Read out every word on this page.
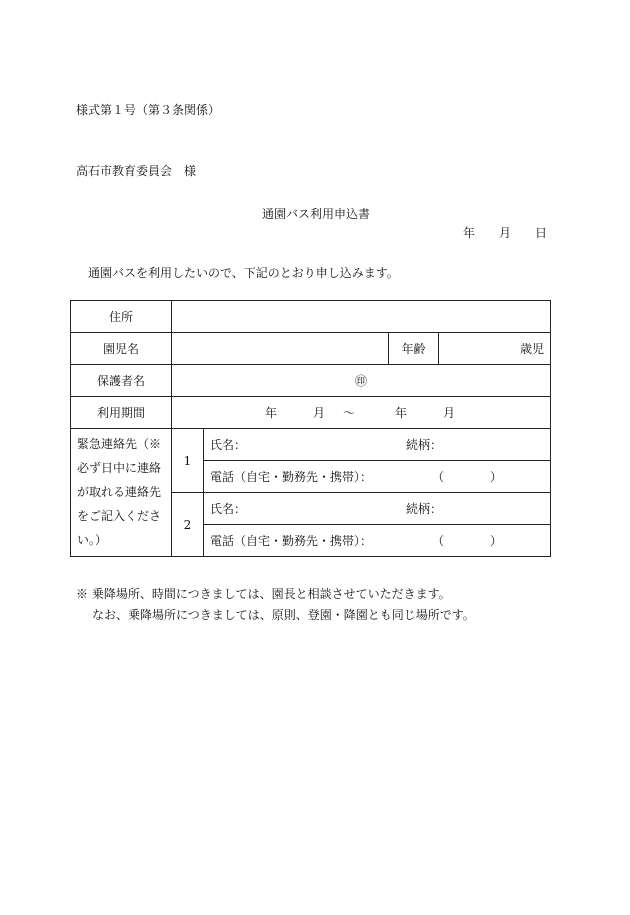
様式第１号（第３条関係）
高石市教育委員会　様
通園バス利用申込書
年 月 日
通園バスを利用したいので、下記のとおり申し込みます。
住所				
園児名			年齢	歳児
保護者名	㊞			
利用期間	年 月 ～ 年 月			

緊急連絡先（※必ず日中に連絡が取れる連絡先をご記入ください。）	1	氏名： 続柄：		

		電話（自宅・勤務先・携帯）： （ ）		

	2	氏名： 続柄：		

		電話（自宅・勤務先・携帯）： （ ）		
※ 乗降場所、時間につきましては、園長と相談させていただきます。
なお、乗降場所につきましては、原則、登園・降園とも同じ場所です。
